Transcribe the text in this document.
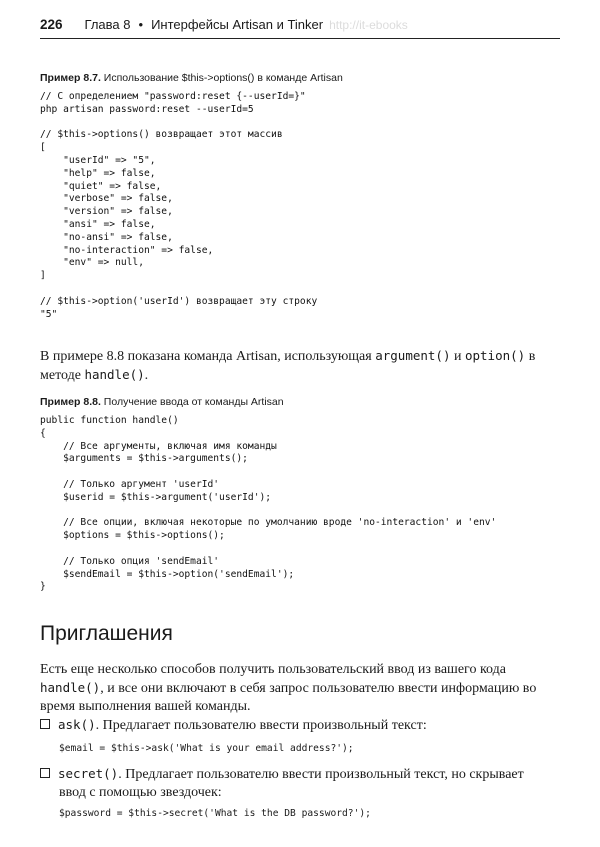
226 Глава 8 • Интерфейсы Artisan и Tinker http://it-ebooks
Пример 8.7. Использование $this->options() в команде Artisan
// С определением "password:reset {--userId=}"
php artisan password:reset --userId=5

// $this->options() возвращает этот массив
[
"userId" => "5",
"help" => false,
"quiet" => false,
"verbose" => false,
"version" => false,
"ansi" => false,
"no-ansi" => false,
"no-interaction" => false,
"env" => null,
]

// $this->option('userId') возвращает эту строку
"5"

В примере 8.8 показана команда Artisan, использующая argument() и option() в методе handle().

Пример 8.8. Получение ввода от команды Artisan
public function handle()
{
// Все аргументы, включая имя команды
$arguments = $this->arguments();

// Только аргумент 'userId'
$userid = $this->argument('userId');

// Все опции, включая некоторые по умолчанию вроде 'no-interaction' и 'env'
$options = $this->options();

// Только опция 'sendEmail'
$sendEmail = $this->option('sendEmail');
}
Приглашения

Есть еще несколько способов получить пользовательский ввод из вашего кода handle(), и все они включают в себя запрос пользователю ввести информацию во время выполнения вашей команды.

ask(). Предлагает пользователю ввести произвольный текст:
$email = $this->ask('What is your email address?');
secret(). Предлагает пользователю ввести произвольный текст, но скрывает
ввод с помощью звездочек:
$password = $this->secret('What is the DB password?');
